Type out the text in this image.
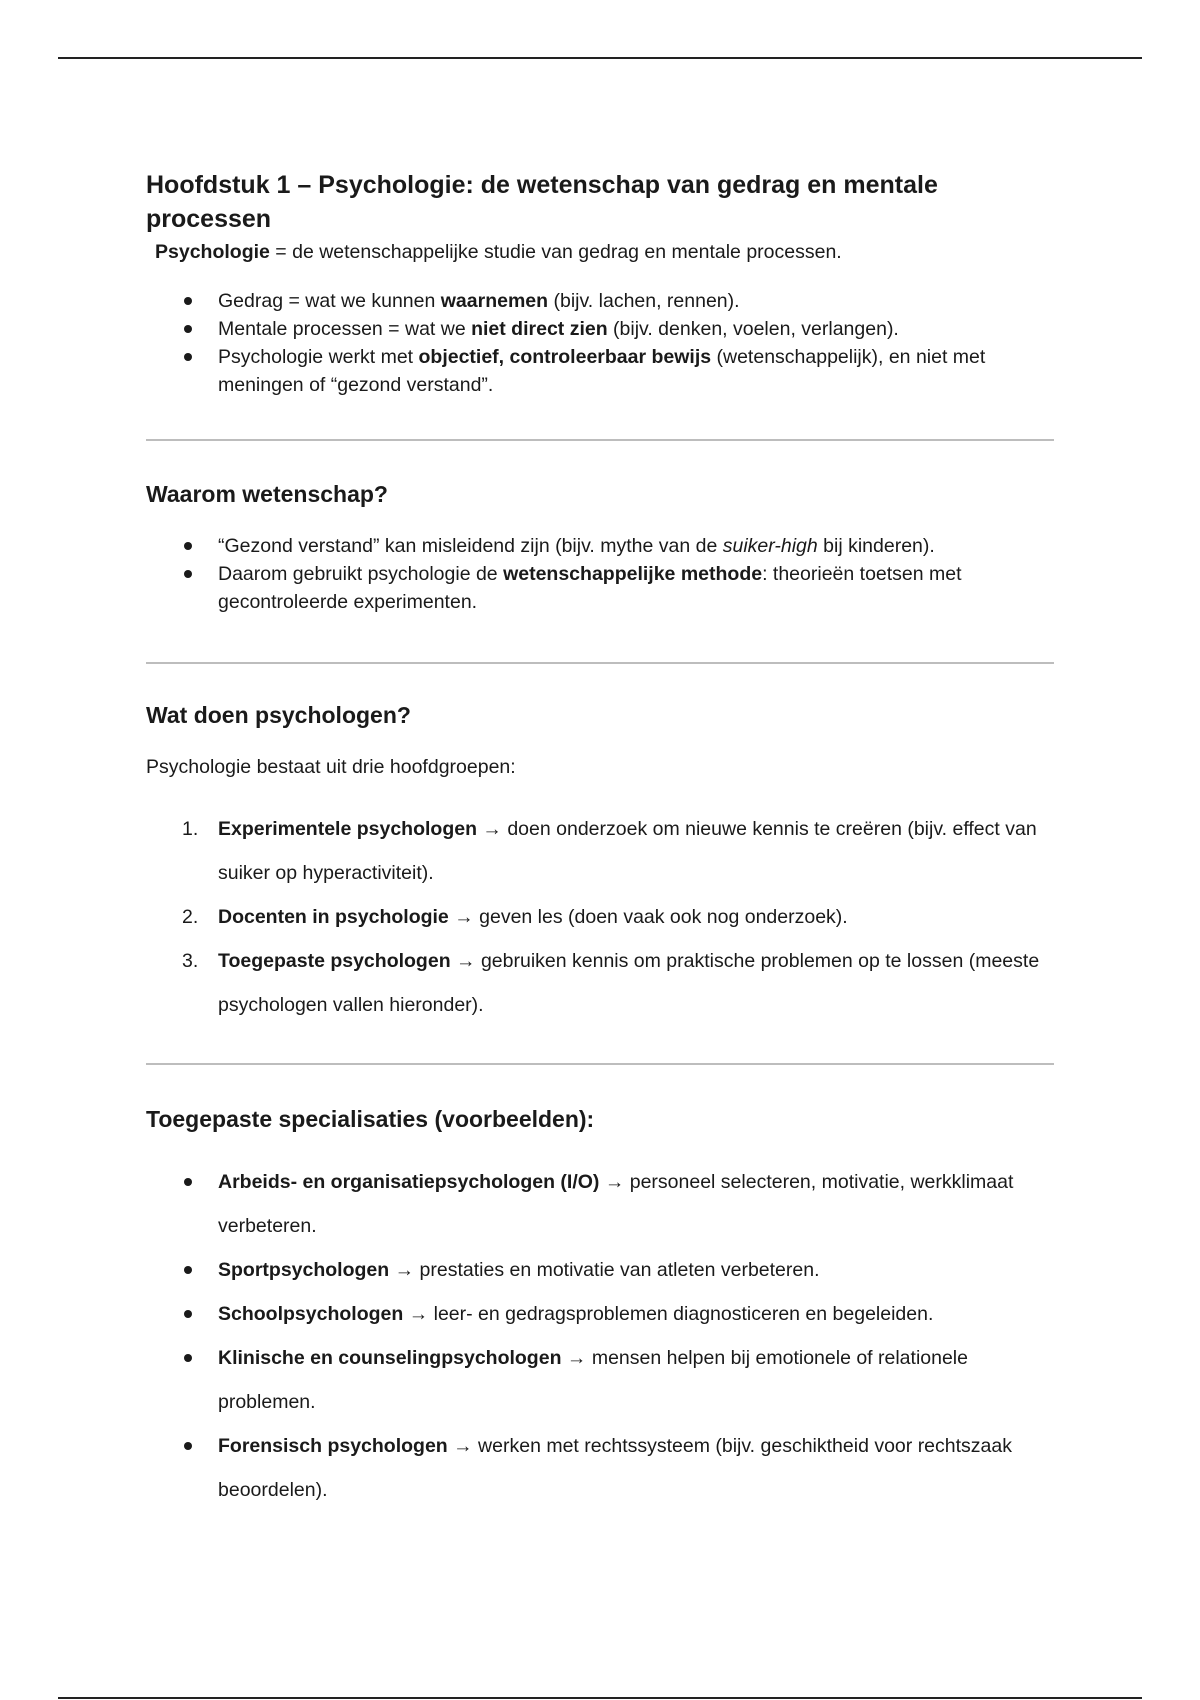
Hoofdstuk 1 – Psychologie: de wetenschap van gedrag en mentale processen

Psychologie = de wetenschappelijke studie van gedrag en mentale processen.

Gedrag = wat we kunnen waarnemen (bijv. lachen, rennen).
Mentale processen = wat we niet direct zien (bijv. denken, voelen, verlangen).
Psychologie werkt met objectief, controleerbaar bewijs (wetenschappelijk), en niet met meningen of “gezond verstand”.
Waarom wetenschap?
“Gezond verstand” kan misleidend zijn (bijv. mythe van de suiker-high bij kinderen).
Daarom gebruikt psychologie de wetenschappelijke methode: theorieën toetsen met gecontroleerde experimenten.
Wat doen psychologen?

Psychologie bestaat uit drie hoofdgroepen:

1. Experimentele psychologen → doen onderzoek om nieuwe kennis te creëren (bijv. effect van suiker op hyperactiviteit).
2. Docenten in psychologie → geven les (doen vaak ook nog onderzoek).
3. Toegepaste psychologen → gebruiken kennis om praktische problemen op te lossen (meeste psychologen vallen hieronder).
Toegepaste specialisaties (voorbeelden):
Arbeids- en organisatiepsychologen (I/O) → personeel selecteren, motivatie, werkklimaat verbeteren.
Sportpsychologen → prestaties en motivatie van atleten verbeteren.
Schoolpsychologen → leer- en gedragsproblemen diagnosticeren en begeleiden.
Klinische en counselingpsychologen → mensen helpen bij emotionele of relationele problemen.
Forensisch psychologen → werken met rechtssysteem (bijv. geschiktheid voor rechtszaak beoordelen).
